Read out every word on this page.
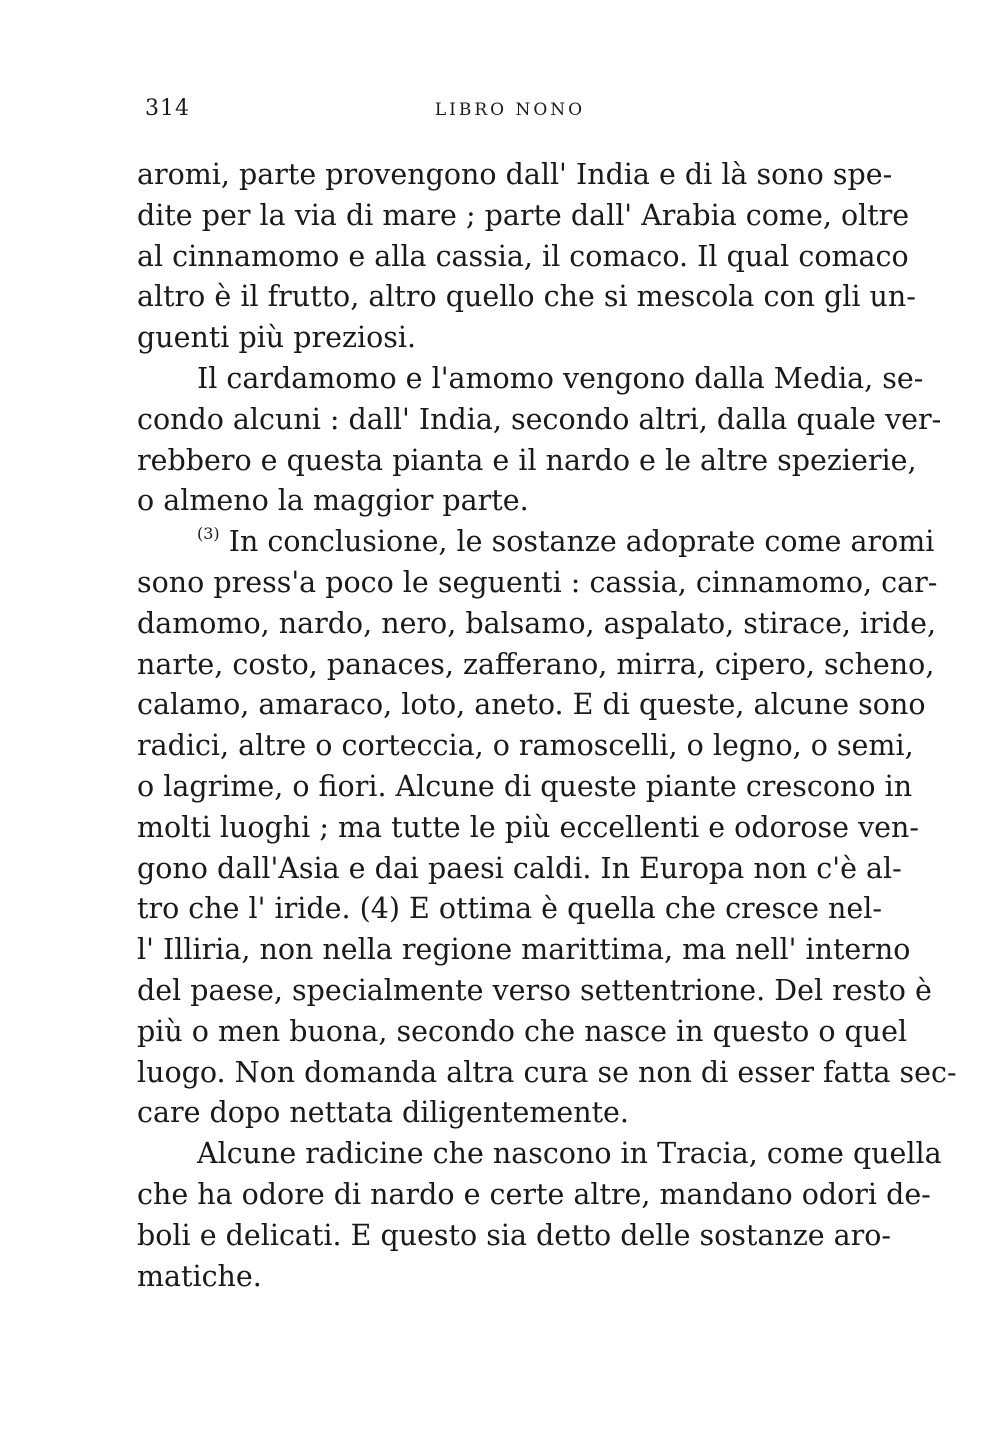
314	LIBRO NONO
aromi, parte provengono dall' India e di là sono spe-
dite per la via di mare ; parte dall' Arabia come, oltre
al cinnamomo e alla cassia, il comaco. Il qual comaco
altro è il frutto, altro quello che si mescola con gli un-
guenti più preziosi.
Il cardamomo e l'amomo vengono dalla Media, se-
condo alcuni : dall' India, secondo altri, dalla quale ver-
rebbero e questa pianta e il nardo e le altre spezierie,
o almeno la maggior parte.
$^{(3)}$ In conclusione, le sostanze adoprate come aromi
sono press'a poco le seguenti : cassia, cinnamomo, car-
damomo, nardo, nero, balsamo, aspalato, stirace, iride,
narte, costo, panaces, zafferano, mirra, cipero, scheno,
calamo, amaraco, loto, aneto. E di queste, alcune sono
radici, altre o corteccia, o ramoscelli, o legno, o semi,
o lagrime, o fiori. Alcune di queste piante crescono in
molti luoghi ; ma tutte le più eccellenti e odorose ven-
gono dall'Asia e dai paesi caldi. In Europa non c'è al-
tro che l' iride. (4) E ottima è quella che cresce nel-
l' Illiria, non nella regione marittima, ma nell' interno
del paese, specialmente verso settentrione. Del resto è
più o men buona, secondo che nasce in questo o quel
luogo. Non domanda altra cura se non di esser fatta sec-
care dopo nettata diligentemente.
Alcune radicine che nascono in Tracia, come quella
che ha odore di nardo e certe altre, mandano odori de-
boli e delicati. E questo sia detto delle sostanze aro-
matiche.
